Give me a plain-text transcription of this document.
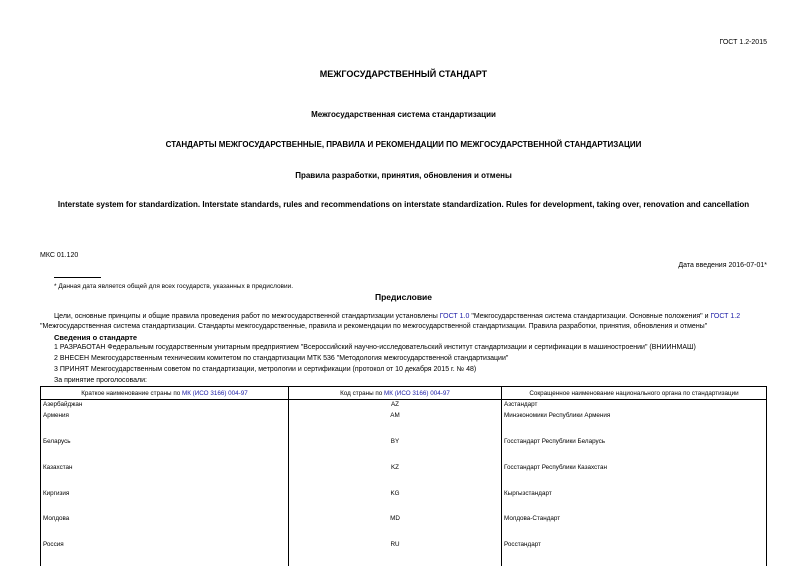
ГОСТ 1.2-2015
МЕЖГОСУДАРСТВЕННЫЙ СТАНДАРТ
Межгосударственная система стандартизации
СТАНДАРТЫ МЕЖГОСУДАРСТВЕННЫЕ, ПРАВИЛА И РЕКОМЕНДАЦИИ ПО МЕЖГОСУДАРСТВЕННОЙ СТАНДАРТИЗАЦИИ
Правила разработки, принятия, обновления и отмены
Interstate system for standardization. Interstate standards, rules and recommendations on interstate standardization. Rules for development, taking over, renovation and cancellation
МКС 01.120
Дата введения 2016-07-01*
* Данная дата является общей для всех государств, указанных в предисловии.
Предисловие
Цели, основные принципы и общие правила проведения работ по межгосударственной стандартизации установлены ГОСТ 1.0 "Межгосударственная система стандартизации. Основные положения" и ГОСТ 1.2
"Межгосударственная система стандартизации. Стандарты межгосударственные, правила и рекомендации по межгосударственной стандартизации. Правила разработки, принятия, обновления и отмены"
Сведения о стандарте
1 РАЗРАБОТАН Федеральным государственным унитарным предприятием "Всероссийский научно-исследовательский институт стандартизации и сертификации в машиностроении" (ВНИИНМАШ)
2 ВНЕСЕН Межгосударственным техническим комитетом по стандартизации МТК 536 "Методология межгосударственной стандартизации"
3 ПРИНЯТ Межгосударственным советом по стандартизации, метрологии и сертификации (протокол от 10 декабря 2015 г. № 48)
За принятие проголосовали:
Краткое наименование страны по МК (ИСО 3166) 004-97	Код страны по МК (ИСО 3166) 004-97	Сокращенное наименование национального органа по стандартизации
Азербайджан	AZ	Азстандарт
Армения	AM	Минэкономики Республики Армения
Беларусь	BY	Госстандарт Республики Беларусь
Казахстан	KZ	Госстандарт Республики Казахстан
Киргизия	KG	Кыргызстандарт
Молдова	MD	Молдова-Стандарт
Россия	RU	Росстандарт
